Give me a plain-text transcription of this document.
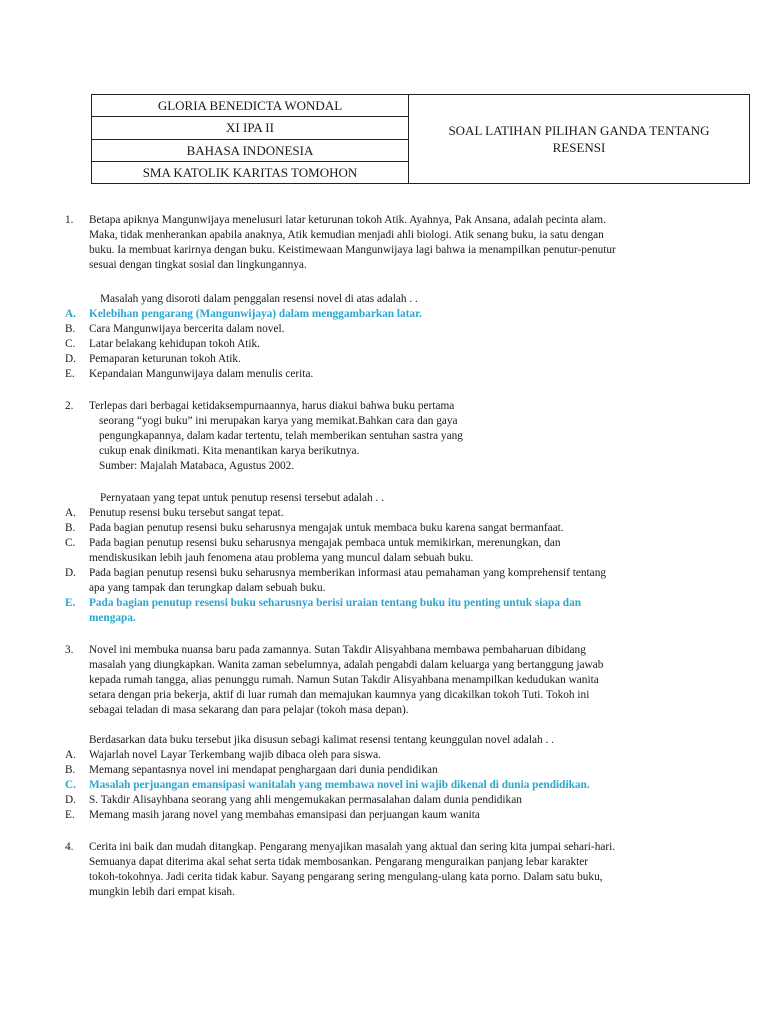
GLORIA BENEDICTA WONDAL	
SOAL LATIHAN PILIHAN GANDA TENTANG
RESENSI

XI IPA II
BAHASA INDONESIA
SMA KATOLIK KARITAS TOMOHON
1. Betapa apiknya Mangunwijaya menelusuri latar keturunan tokoh Atik. Ayahnya, Pak Ansana, adalah pecinta alam.

Maka, tidak menherankan apabila anaknya, Atik kemudian menjadi ahli biologi. Atik senang buku, ia satu dengan

buku. Ia membuat karirnya dengan buku. Keistimewaan Mangunwijaya lagi bahwa ia menampilkan penutur-penutur

sesuai dengan tingkat sosial dan lingkungannya.

Masalah yang disoroti dalam penggalan resensi novel di atas adalah . .

A. Kelebihan pengarang (Mangunwijaya) dalam menggambarkan latar.
B. Cara Mangunwijaya bercerita dalam novel.
C. Latar belakang kehidupan tokoh Atik.
D. Pemaparan keturunan tokoh Atik.
E. Kepandaian Mangunwijaya dalam menulis cerita.
2. Terlepas dari berbagai ketidaksempurnaannya, harus diakui bahwa buku pertama

seorang “yogi buku” ini merupakan karya yang memikat.Bahkan cara dan gaya

pengungkapannya, dalam kadar tertentu, telah memberikan sentuhan sastra yang

cukup enak dinikmati. Kita menantikan karya berikutnya.

Sumber: Majalah Matabaca, Agustus 2002.

Pernyataan yang tepat untuk penutup resensi tersebut adalah . .

A. Penutup resensi buku tersebut sangat tepat.
B. Pada bagian penutup resensi buku seharusnya mengajak untuk membaca buku karena sangat bermanfaat.
C. Pada bagian penutup resensi buku seharusnya mengajak pembaca untuk memikirkan, merenungkan, dan
mendiskusikan lebih jauh fenomena atau problema yang muncul dalam sebuah buku.
D. Pada bagian penutup resensi buku seharusnya memberikan informasi atau pemahaman yang komprehensif tentang
apa yang tampak dan terungkap dalam sebuah buku.
E. Pada bagian penutup resensi buku seharusnya berisi uraian tentang buku itu penting untuk siapa dan
mengapa.
3. Novel ini membuka nuansa baru pada zamannya. Sutan Takdir Alisyahbana membawa pembaharuan dibidang

masalah yang diungkapkan. Wanita zaman sebelumnya, adalah pengabdi dalam keluarga yang bertanggung jawab

kepada rumah tangga, alias penunggu rumah. Namun Sutan Takdir Alisyahbana menampilkan kedudukan wanita

setara dengan pria bekerja, aktif di luar rumah dan memajukan kaumnya yang dicakilkan tokoh Tuti. Tokoh ini

sebagai teladan di masa sekarang dan para pelajar (tokoh masa depan).

Berdasarkan data buku tersebut jika disusun sebagi kalimat resensi tentang keunggulan novel adalah . .

A. Wajarlah novel Layar Terkembang wajib dibaca oleh para siswa.
B. Memang sepantasnya novel ini mendapat penghargaan dari dunia pendidikan
C. Masalah perjuangan emansipasi wanitalah yang membawa novel ini wajib dikenal di dunia pendidikan.
D. S. Takdir Alisayhbana seorang yang ahli mengemukakan permasalahan dalam dunia pendidikan
E. Memang masih jarang novel yang membahas emansipasi dan perjuangan kaum wanita
4. Cerita ini baik dan mudah ditangkap. Pengarang menyajikan masalah yang aktual dan sering kita jumpai sehari-hari.

Semuanya dapat diterima akal sehat serta tidak membosankan. Pengarang menguraikan panjang lebar karakter

tokoh-tokohnya. Jadi cerita tidak kabur. Sayang pengarang sering mengulang-ulang kata porno. Dalam satu buku,

mungkin lebih dari empat kisah.
